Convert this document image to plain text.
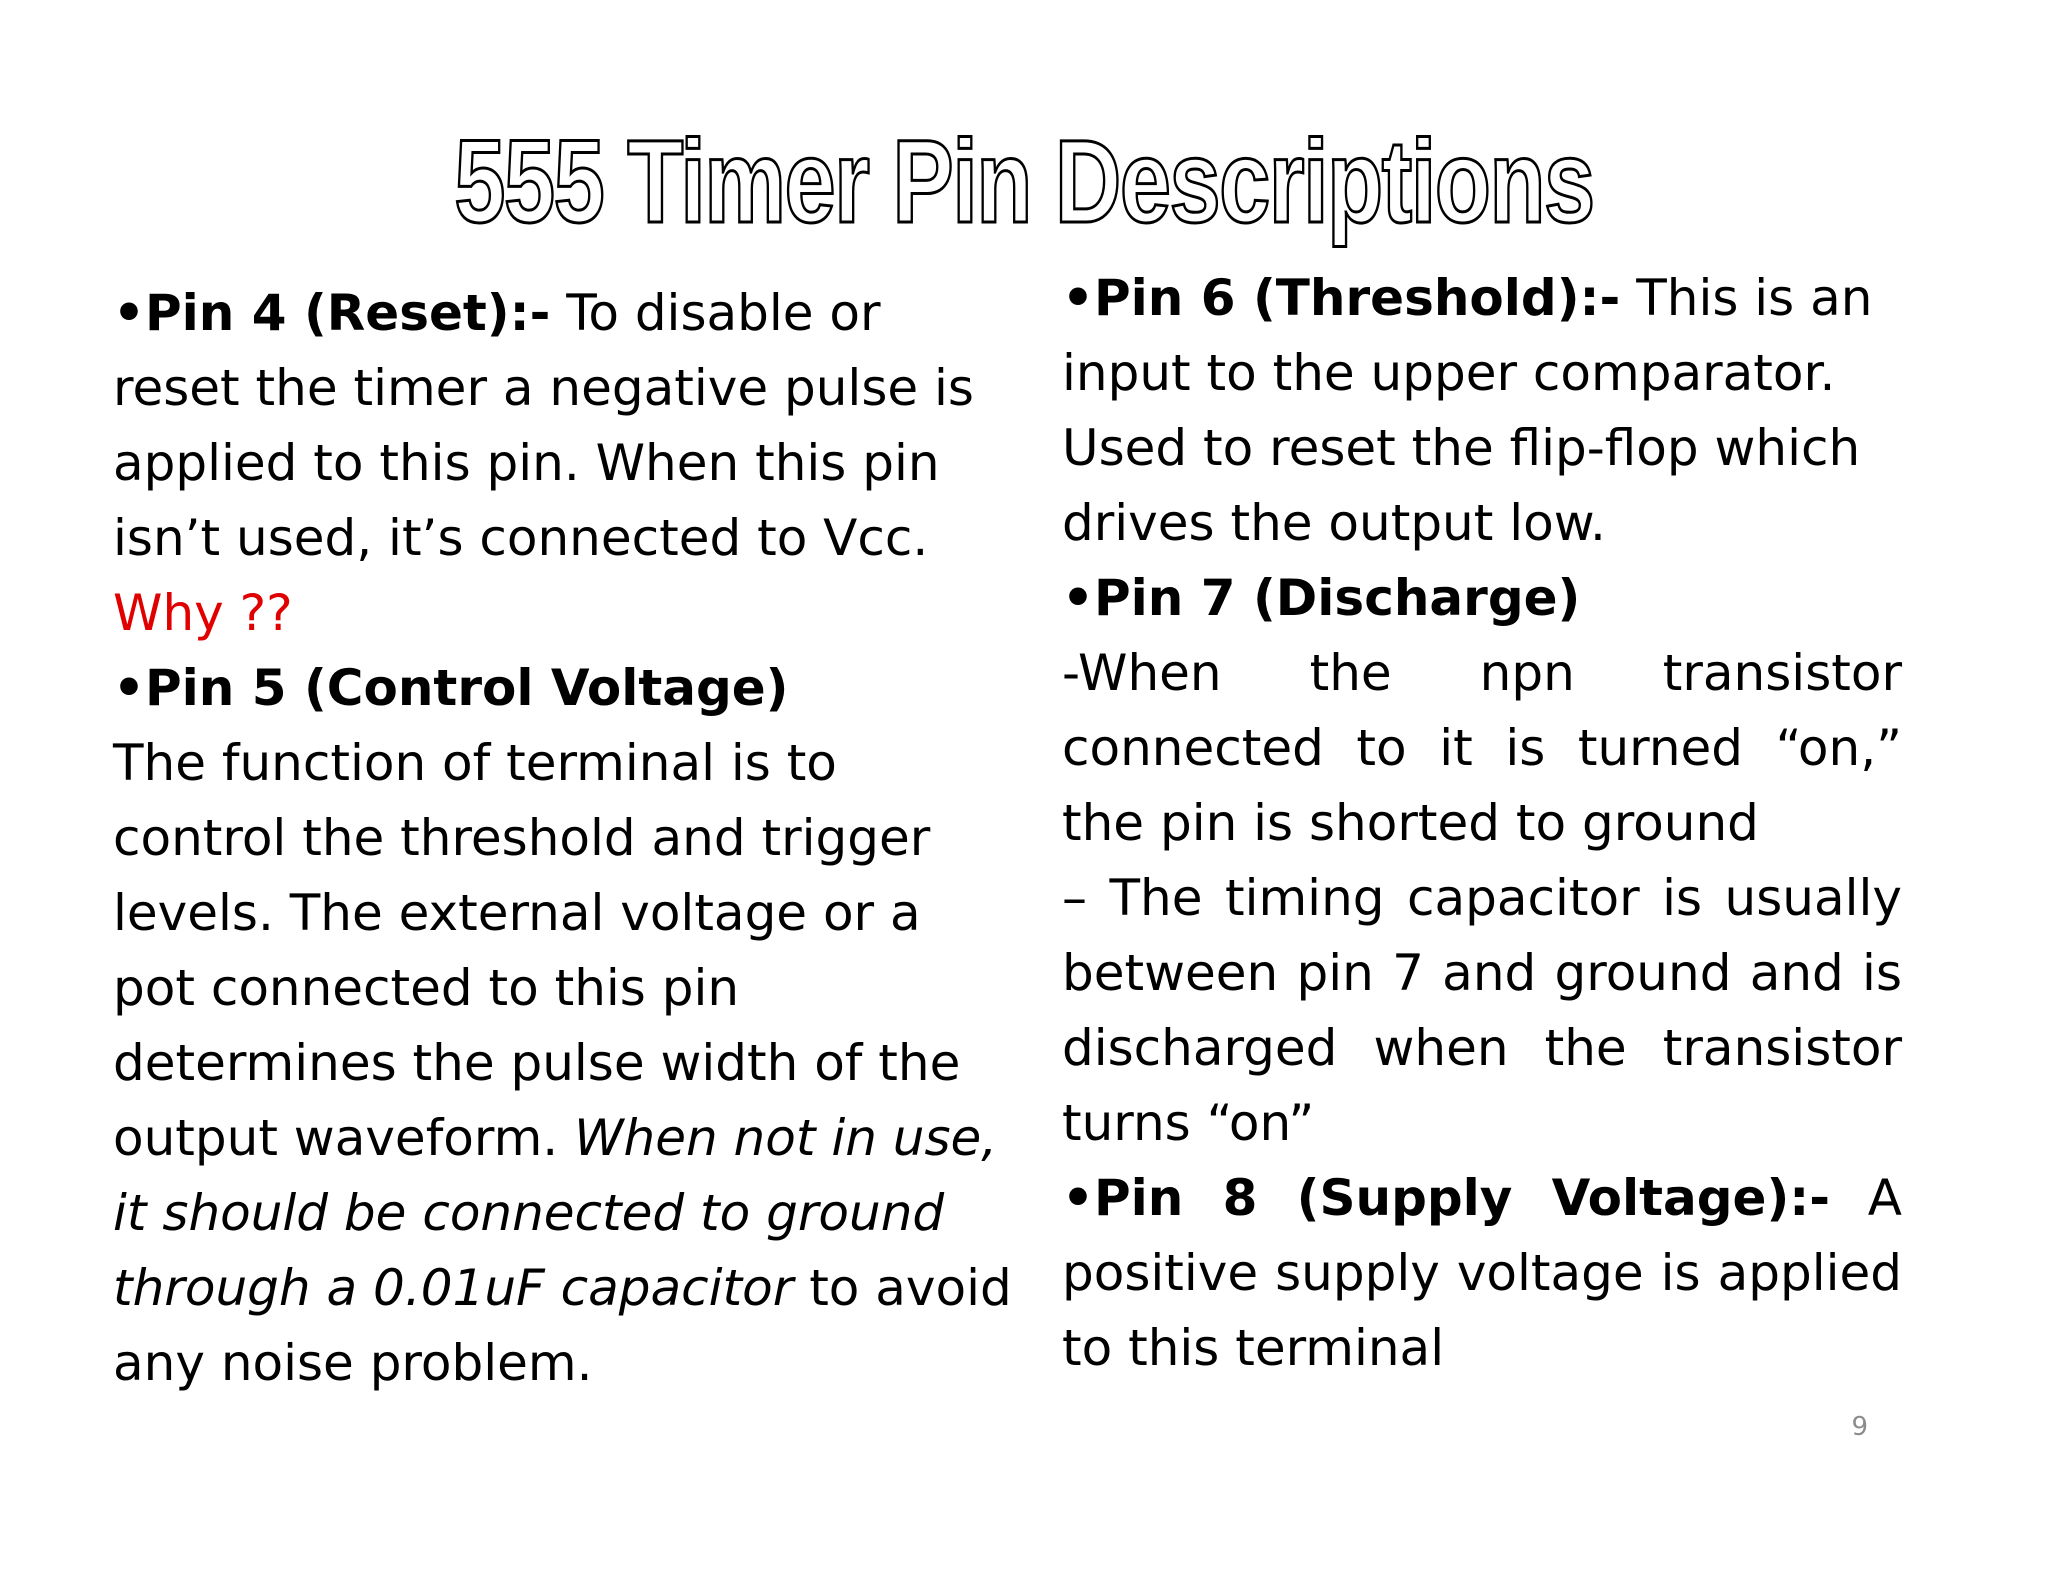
555 Timer Pin Descriptions

•Pin 4 (Reset):- To disable or reset the timer a negative pulse is applied to this pin. When this pin isn’t used, it’s connected to Vcc.

Why ??

•Pin 5 (Control Voltage)

The function of terminal is to control the threshold and trigger levels. The external voltage or a pot connected to this pin determines the pulse width of the output waveform. When not in use, it should be connected to ground through a 0.01uF capacitor to avoid any noise problem.

•Pin 6 (Threshold):- This is an input to the upper comparator. Used to reset the flip-flop which drives the output low.

•Pin 7 (Discharge)

-When the npn transistor connected to it is turned “on,” the pin is shorted to ground

– The timing capacitor is usually between pin 7 and ground and is discharged when the transistor turns “on”

•Pin 8 (Supply Voltage):- A positive supply voltage is applied to this terminal

9
